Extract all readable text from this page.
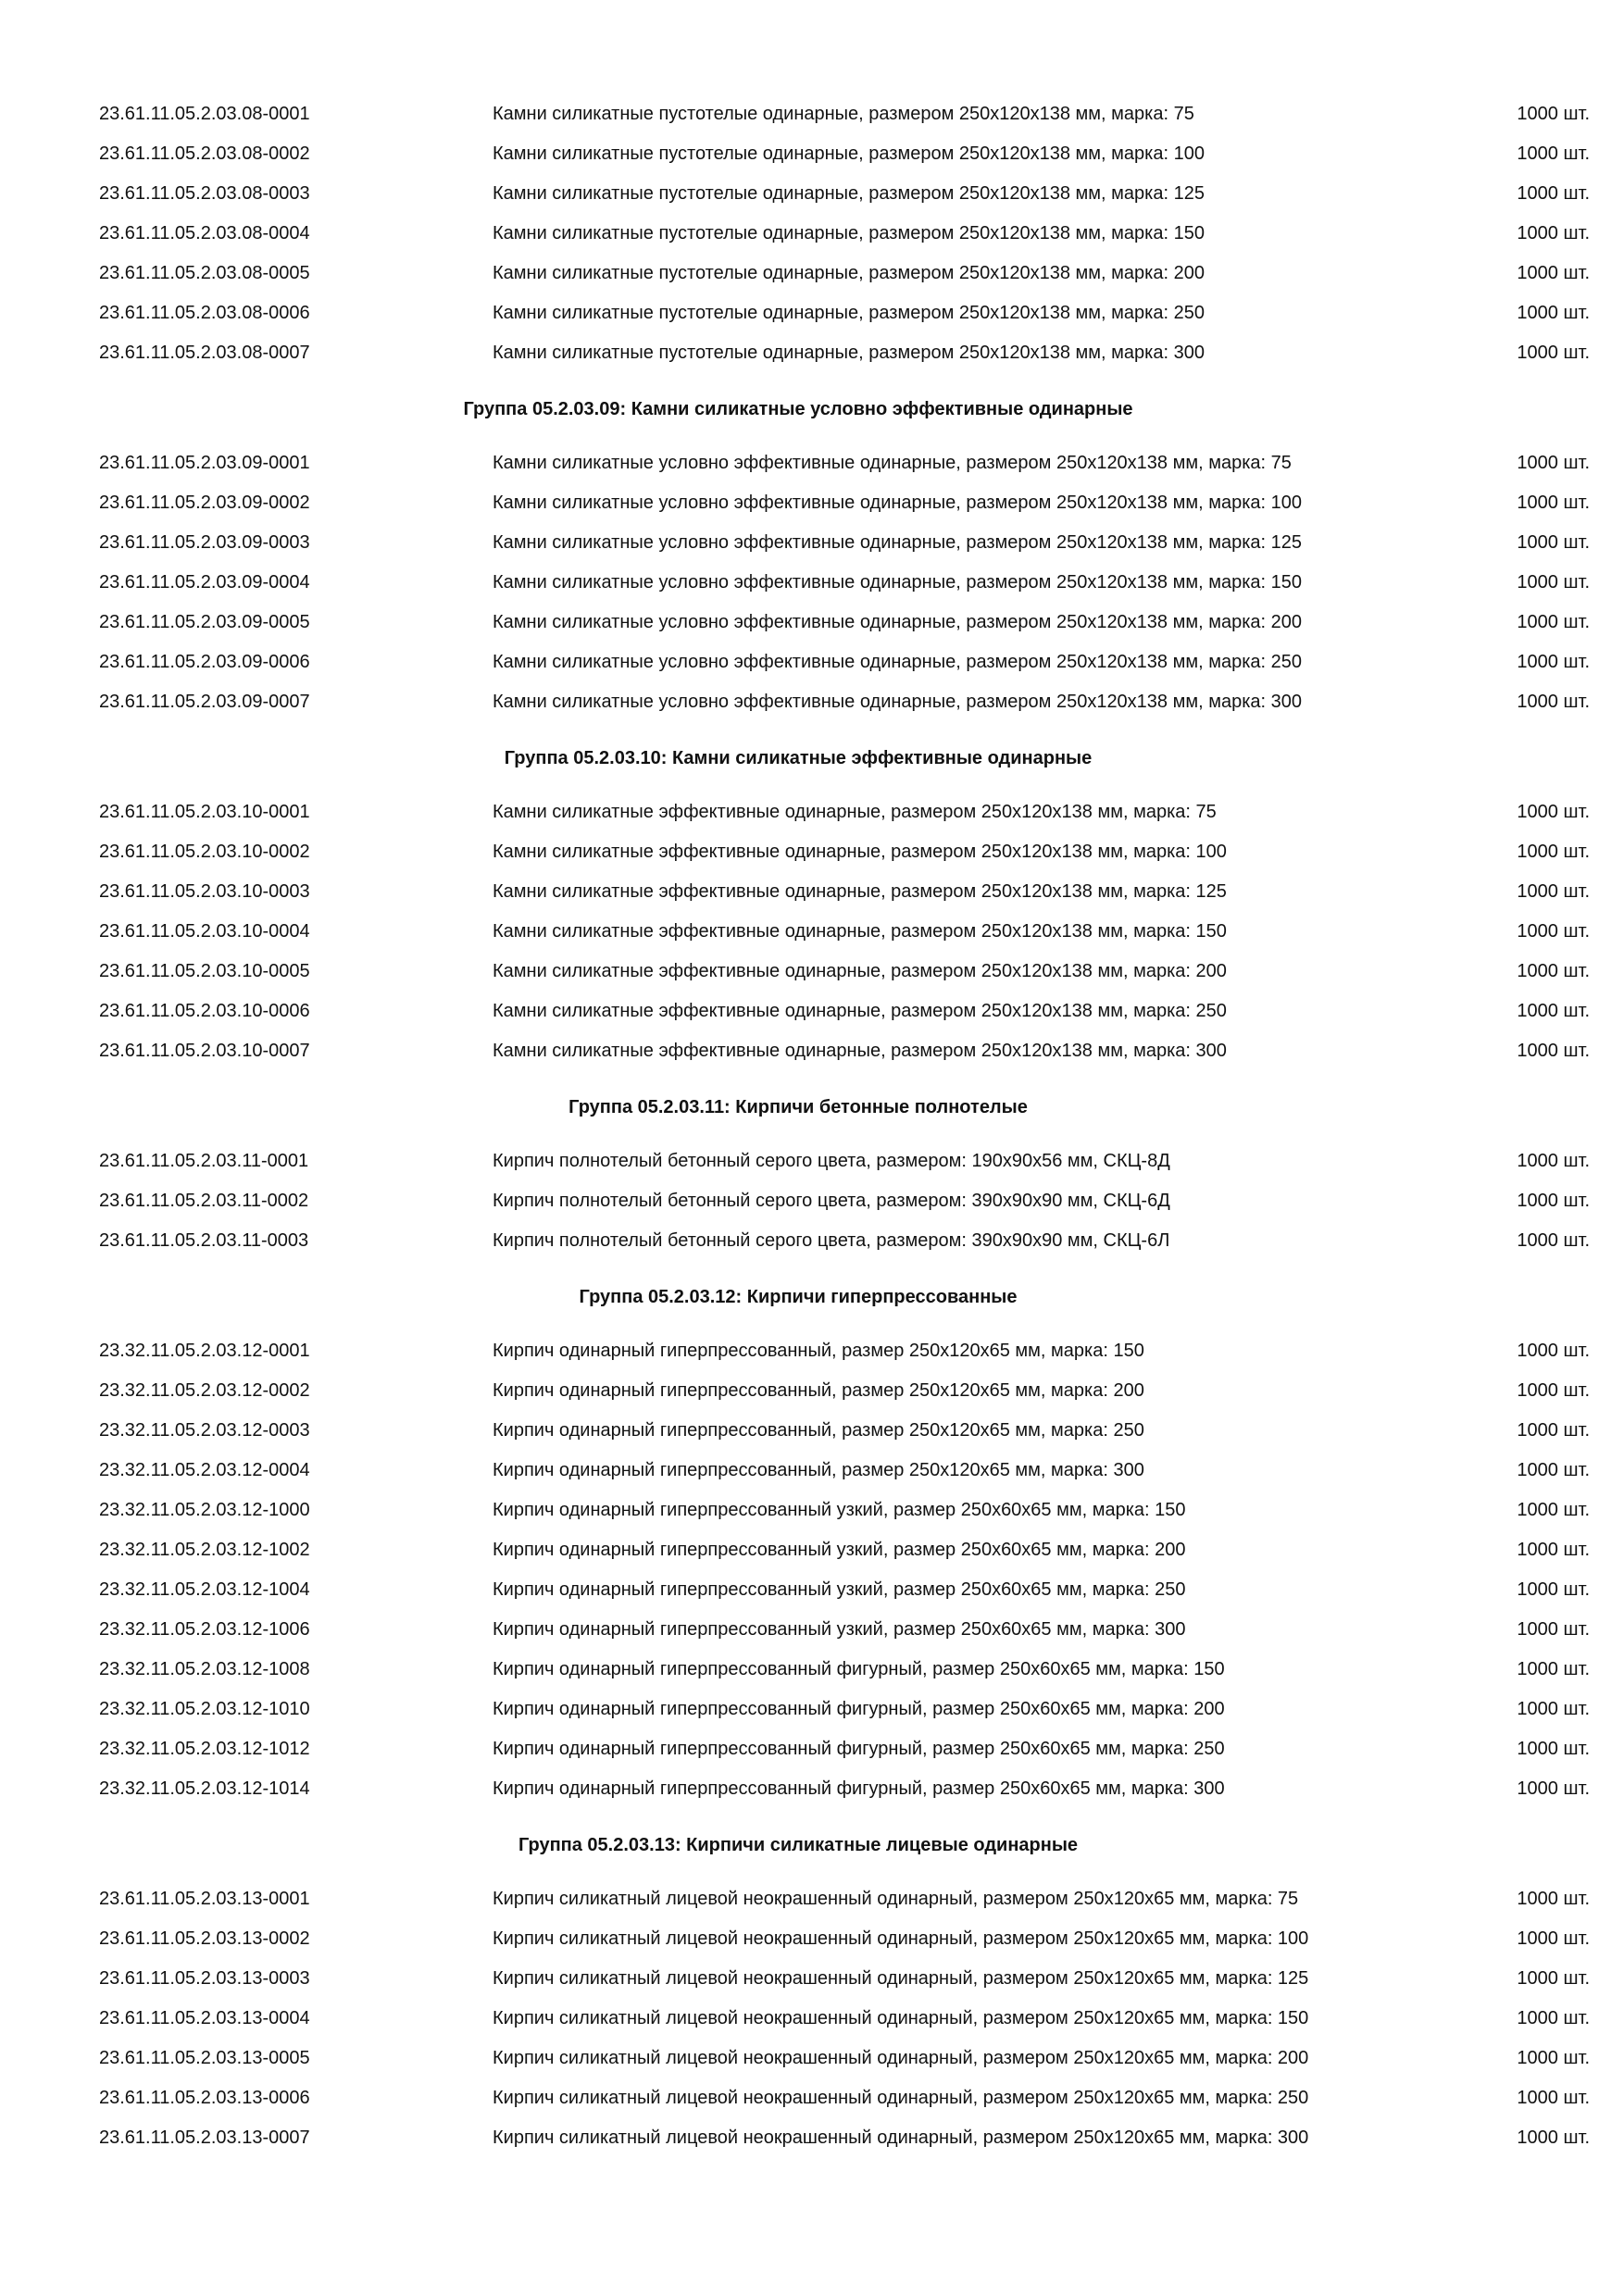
23.61.11.05.2.03.08-0001	Камни силикатные пустотелые одинарные, размером 250х120х138 мм, марка: 75	1000 шт.
23.61.11.05.2.03.08-0002	Камни силикатные пустотелые одинарные, размером 250х120х138 мм, марка: 100	1000 шт.
23.61.11.05.2.03.08-0003	Камни силикатные пустотелые одинарные, размером 250х120х138 мм, марка: 125	1000 шт.
23.61.11.05.2.03.08-0004	Камни силикатные пустотелые одинарные, размером 250х120х138 мм, марка: 150	1000 шт.
23.61.11.05.2.03.08-0005	Камни силикатные пустотелые одинарные, размером 250х120х138 мм, марка: 200	1000 шт.
23.61.11.05.2.03.08-0006	Камни силикатные пустотелые одинарные, размером 250х120х138 мм, марка: 250	1000 шт.
23.61.11.05.2.03.08-0007	Камни силикатные пустотелые одинарные, размером 250х120х138 мм, марка: 300	1000 шт.
Группа 05.2.03.09: Камни силикатные условно эффективные одинарные
23.61.11.05.2.03.09-0001	Камни силикатные условно эффективные одинарные, размером 250х120х138 мм, марка: 75	1000 шт.
23.61.11.05.2.03.09-0002	Камни силикатные условно эффективные одинарные, размером 250х120х138 мм, марка: 100	1000 шт.
23.61.11.05.2.03.09-0003	Камни силикатные условно эффективные одинарные, размером 250х120х138 мм, марка: 125	1000 шт.
23.61.11.05.2.03.09-0004	Камни силикатные условно эффективные одинарные, размером 250х120х138 мм, марка: 150	1000 шт.
23.61.11.05.2.03.09-0005	Камни силикатные условно эффективные одинарные, размером 250х120х138 мм, марка: 200	1000 шт.
23.61.11.05.2.03.09-0006	Камни силикатные условно эффективные одинарные, размером 250х120х138 мм, марка: 250	1000 шт.
23.61.11.05.2.03.09-0007	Камни силикатные условно эффективные одинарные, размером 250х120х138 мм, марка: 300	1000 шт.
Группа 05.2.03.10: Камни силикатные эффективные одинарные
23.61.11.05.2.03.10-0001	Камни силикатные эффективные одинарные, размером 250х120х138 мм, марка: 75	1000 шт.
23.61.11.05.2.03.10-0002	Камни силикатные эффективные одинарные, размером 250х120х138 мм, марка: 100	1000 шт.
23.61.11.05.2.03.10-0003	Камни силикатные эффективные одинарные, размером 250х120х138 мм, марка: 125	1000 шт.
23.61.11.05.2.03.10-0004	Камни силикатные эффективные одинарные, размером 250х120х138 мм, марка: 150	1000 шт.
23.61.11.05.2.03.10-0005	Камни силикатные эффективные одинарные, размером 250х120х138 мм, марка: 200	1000 шт.
23.61.11.05.2.03.10-0006	Камни силикатные эффективные одинарные, размером 250х120х138 мм, марка: 250	1000 шт.
23.61.11.05.2.03.10-0007	Камни силикатные эффективные одинарные, размером 250х120х138 мм, марка: 300	1000 шт.
Группа 05.2.03.11: Кирпичи бетонные полнотелые
23.61.11.05.2.03.11-0001	Кирпич полнотелый бетонный серого цвета, размером: 190х90х56 мм, СКЦ-8Д	1000 шт.
23.61.11.05.2.03.11-0002	Кирпич полнотелый бетонный серого цвета, размером: 390х90х90 мм, СКЦ-6Д	1000 шт.
23.61.11.05.2.03.11-0003	Кирпич полнотелый бетонный серого цвета, размером: 390х90х90 мм, СКЦ-6Л	1000 шт.
Группа 05.2.03.12: Кирпичи гиперпрессованные
23.32.11.05.2.03.12-0001	Кирпич одинарный гиперпрессованный, размер 250х120х65 мм, марка: 150	1000 шт.
23.32.11.05.2.03.12-0002	Кирпич одинарный гиперпрессованный, размер 250х120х65 мм, марка: 200	1000 шт.
23.32.11.05.2.03.12-0003	Кирпич одинарный гиперпрессованный, размер 250х120х65 мм, марка: 250	1000 шт.
23.32.11.05.2.03.12-0004	Кирпич одинарный гиперпрессованный, размер 250х120х65 мм, марка: 300	1000 шт.
23.32.11.05.2.03.12-1000	Кирпич одинарный гиперпрессованный узкий, размер 250х60х65 мм, марка: 150	1000 шт.
23.32.11.05.2.03.12-1002	Кирпич одинарный гиперпрессованный узкий, размер 250х60х65 мм, марка: 200	1000 шт.
23.32.11.05.2.03.12-1004	Кирпич одинарный гиперпрессованный узкий, размер 250х60х65 мм, марка: 250	1000 шт.
23.32.11.05.2.03.12-1006	Кирпич одинарный гиперпрессованный узкий, размер 250х60х65 мм, марка: 300	1000 шт.
23.32.11.05.2.03.12-1008	Кирпич одинарный гиперпрессованный фигурный, размер 250х60х65 мм, марка: 150	1000 шт.
23.32.11.05.2.03.12-1010	Кирпич одинарный гиперпрессованный фигурный, размер 250х60х65 мм, марка: 200	1000 шт.
23.32.11.05.2.03.12-1012	Кирпич одинарный гиперпрессованный фигурный, размер 250х60х65 мм, марка: 250	1000 шт.
23.32.11.05.2.03.12-1014	Кирпич одинарный гиперпрессованный фигурный, размер 250х60х65 мм, марка: 300	1000 шт.
Группа 05.2.03.13: Кирпичи силикатные лицевые одинарные
23.61.11.05.2.03.13-0001	Кирпич силикатный лицевой неокрашенный одинарный, размером 250х120х65 мм, марка: 75	1000 шт.
23.61.11.05.2.03.13-0002	Кирпич силикатный лицевой неокрашенный одинарный, размером 250х120х65 мм, марка: 100	1000 шт.
23.61.11.05.2.03.13-0003	Кирпич силикатный лицевой неокрашенный одинарный, размером 250х120х65 мм, марка: 125	1000 шт.
23.61.11.05.2.03.13-0004	Кирпич силикатный лицевой неокрашенный одинарный, размером 250х120х65 мм, марка: 150	1000 шт.
23.61.11.05.2.03.13-0005	Кирпич силикатный лицевой неокрашенный одинарный, размером 250х120х65 мм, марка: 200	1000 шт.
23.61.11.05.2.03.13-0006	Кирпич силикатный лицевой неокрашенный одинарный, размером 250х120х65 мм, марка: 250	1000 шт.
23.61.11.05.2.03.13-0007	Кирпич силикатный лицевой неокрашенный одинарный, размером 250х120х65 мм, марка: 300	1000 шт.
